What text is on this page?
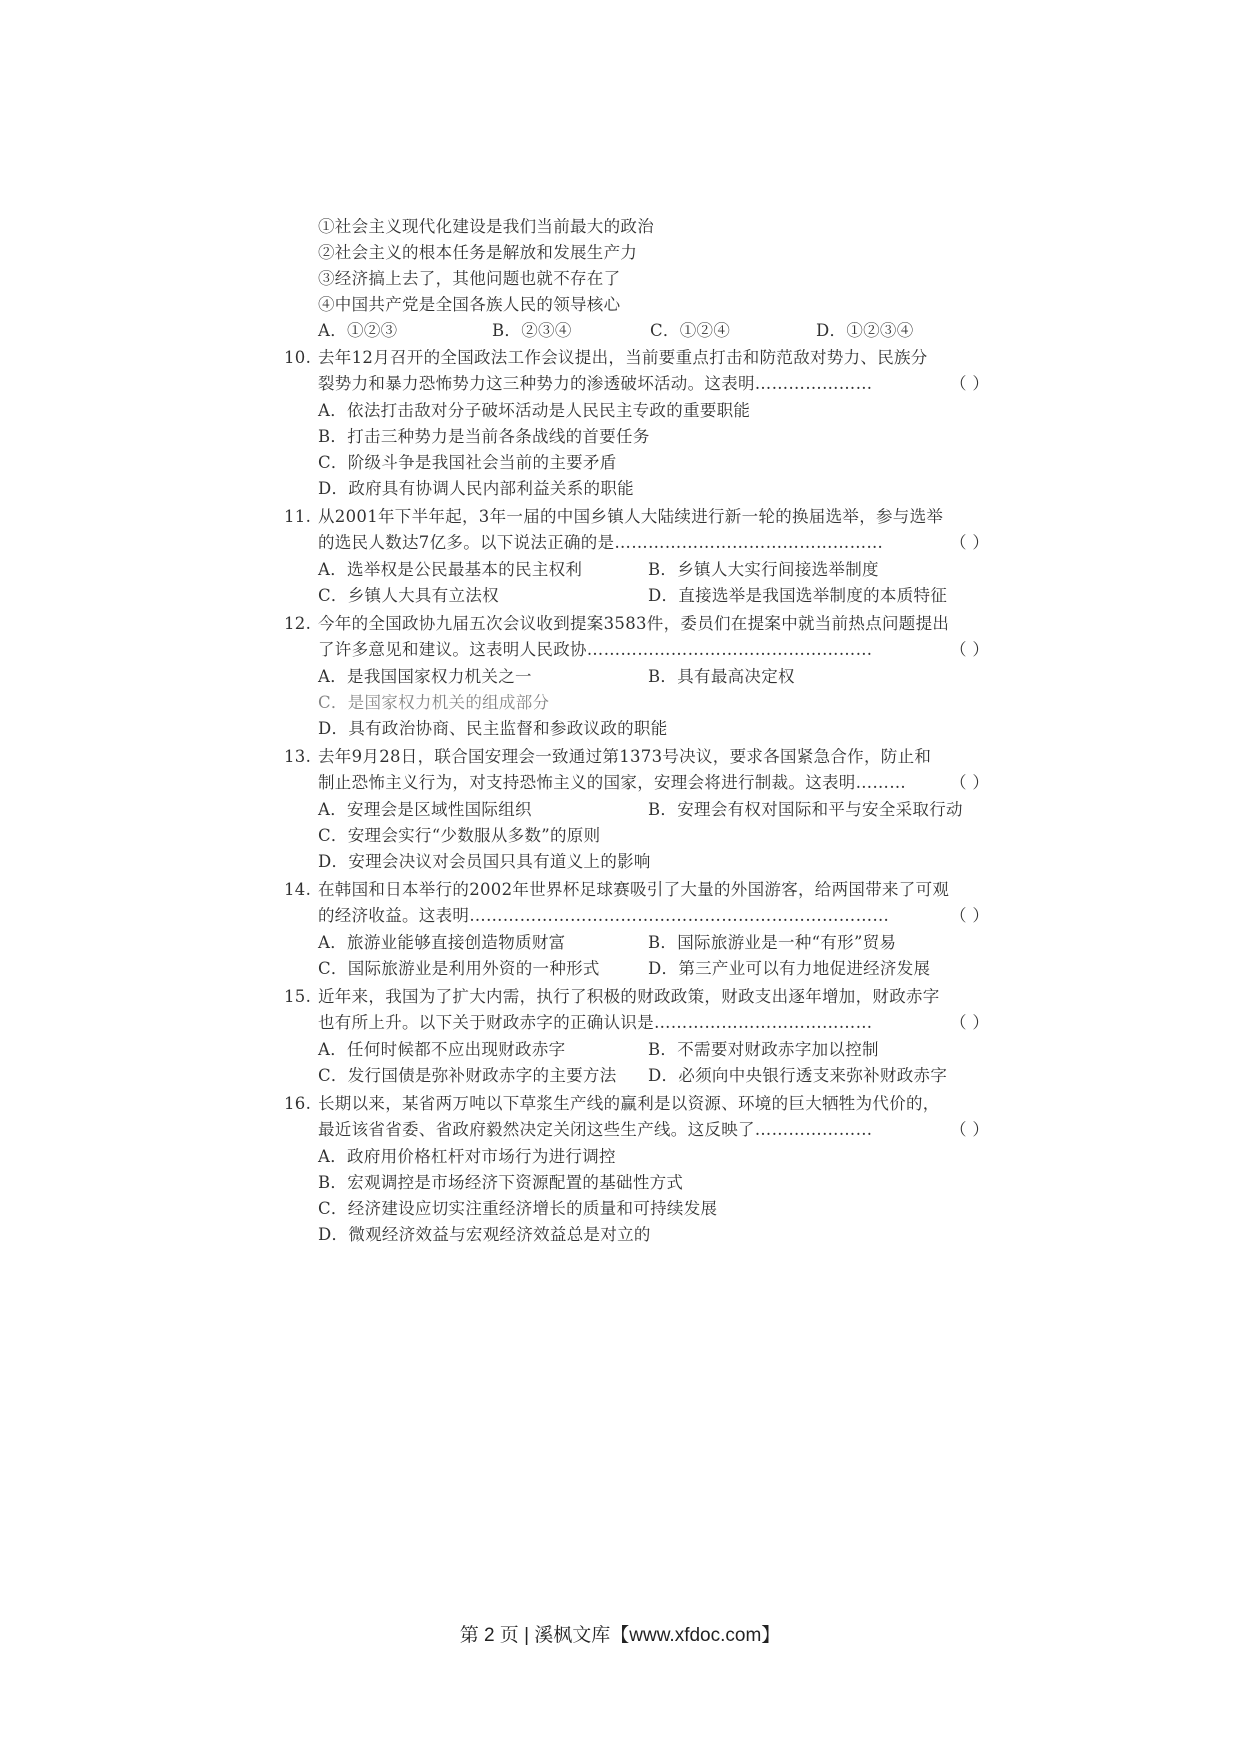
①社会主义现代化建设是我们当前最大的政治
②社会主义的根本任务是解放和发展生产力
③经济搞上去了，其他问题也就不存在了
④中国共产党是全国各族人民的领导核心
A．①②③	B．②③④	C．①②④	D．①②③④
10. 去年12月召开的全国政法工作会议提出，当前要重点打击和防范敌对势力、民族分
裂势力和暴力恐怖势力这三种势力的渗透破坏活动。这表明…………………	（ ）
A．依法打击敌对分子破坏活动是人民民主专政的重要职能
B．打击三种势力是当前各条战线的首要任务
C．阶级斗争是我国社会当前的主要矛盾
D．政府具有协调人民内部利益关系的职能
11. 从2001年下半年起，3年一届的中国乡镇人大陆续进行新一轮的换届选举，参与选举
的选民人数达7亿多。以下说法正确的是…………………………………………	（ ）
A．选举权是公民最基本的民主权利	B．乡镇人大实行间接选举制度
C．乡镇人大具有立法权	D．直接选举是我国选举制度的本质特征
12. 今年的全国政协九届五次会议收到提案3583件，委员们在提案中就当前热点问题提出
了许多意见和建议。这表明人民政协……………………………………………	（ ）
A．是我国国家权力机关之一	B．具有最高决定权
C．是国家权力机关的组成部分
D．具有政治协商、民主监督和参政议政的职能
13. 去年9月28日，联合国安理会一致通过第1373号决议，要求各国紧急合作，防止和
制止恐怖主义行为，对支持恐怖主义的国家，安理会将进行制裁。这表明………	（ ）
A．安理会是区域性国际组织	B．安理会有权对国际和平与安全采取行动
C．安理会实行“少数服从多数”的原则
D．安理会决议对会员国只具有道义上的影响
14. 在韩国和日本举行的2002年世界杯足球赛吸引了大量的外国游客，给两国带来了可观
的经济收益。这表明…………………………………………………………………	（ ）
A．旅游业能够直接创造物质财富	B．国际旅游业是一种“有形”贸易
C．国际旅游业是利用外资的一种形式	D．第三产业可以有力地促进经济发展
15. 近年来，我国为了扩大内需，执行了积极的财政政策，财政支出逐年增加，财政赤字
也有所上升。以下关于财政赤字的正确认识是…………………………………	（ ）
A．任何时候都不应出现财政赤字	B．不需要对财政赤字加以控制
C．发行国债是弥补财政赤字的主要方法 D．必须向中央银行透支来弥补财政赤字
16. 长期以来，某省两万吨以下草浆生产线的赢利是以资源、环境的巨大牺牲为代价的，
最近该省省委、省政府毅然决定关闭这些生产线。这反映了…………………	（ ）
A．政府用价格杠杆对市场行为进行调控
B．宏观调控是市场经济下资源配置的基础性方式
C．经济建设应切实注重经济增长的质量和可持续发展
D．微观经济效益与宏观经济效益总是对立的
第 2 页 | 溪枫文库【www.xfdoc.com】
